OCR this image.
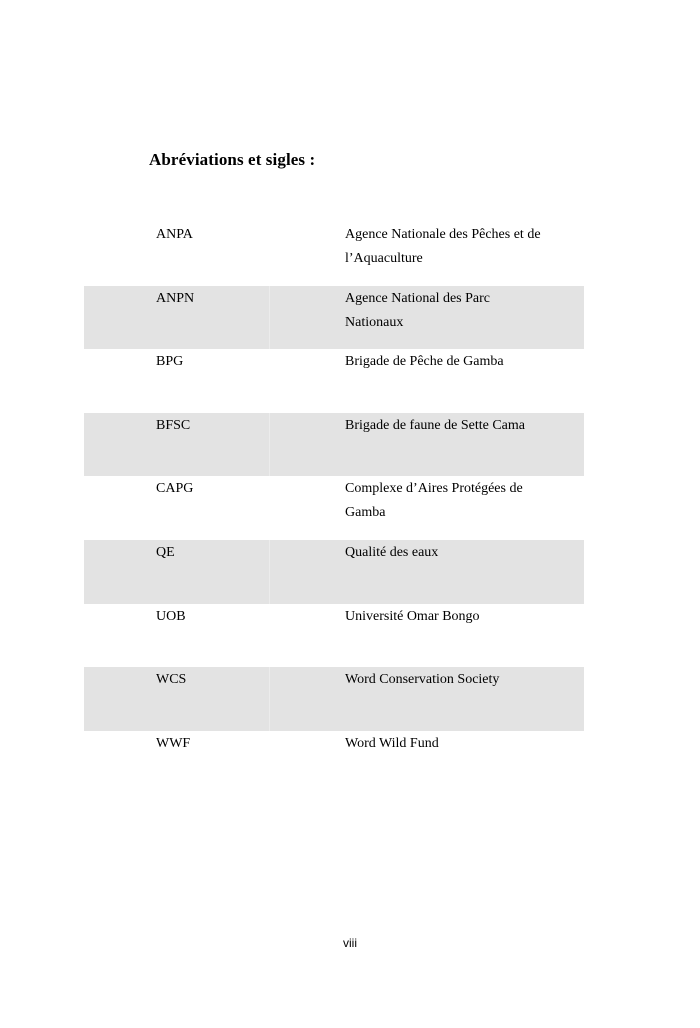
Abréviations et sigles :
ANPA	Agence Nationale des Pêches et de l’Aquaculture
ANPN	Agence National des Parc Nationaux
BPG	Brigade de Pêche de Gamba
BFSC	Brigade de faune de Sette Cama
CAPG	Complexe d’Aires Protégées de Gamba
QE	Qualité des eaux
UOB	Université Omar Bongo
WCS	Word Conservation Society
WWF	Word Wild Fund
viii
